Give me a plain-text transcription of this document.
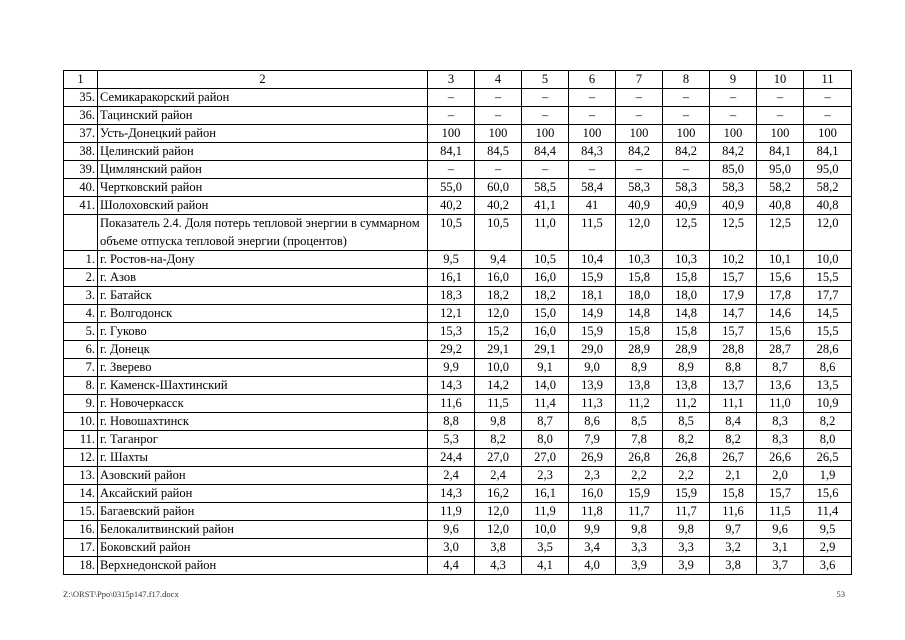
1	2	3	4	5	6	7	8	9	10	11
35.	Семикаракорский район	–	–	–	–	–	–	–	–	–
36.	Тацинский район	–	–	–	–	–	–	–	–	–
37.	Усть-Донецкий район	100	100	100	100	100	100	100	100	100
38.	Целинский район	84,1	84,5	84,4	84,3	84,2	84,2	84,2	84,1	84,1
39.	Цимлянский район	–	–	–	–	–	–	85,0	95,0	95,0
40.	Чертковский район	55,0	60,0	58,5	58,4	58,3	58,3	58,3	58,2	58,2
41.	Шолоховский район	40,2	40,2	41,1	41	40,9	40,9	40,9	40,8	40,8
	Показатель 2.4. Доля потерь тепловой энергии в суммарном объеме отпуска тепловой энергии (процентов)	10,5	10,5	11,0	11,5	12,0	12,5	12,5	12,5	12,0
1.	г. Ростов-на-Дону	9,5	9,4	10,5	10,4	10,3	10,3	10,2	10,1	10,0
2.	г. Азов	16,1	16,0	16,0	15,9	15,8	15,8	15,7	15,6	15,5
3.	г. Батайск	18,3	18,2	18,2	18,1	18,0	18,0	17,9	17,8	17,7
4.	г. Волгодонск	12,1	12,0	15,0	14,9	14,8	14,8	14,7	14,6	14,5
5.	г. Гуково	15,3	15,2	16,0	15,9	15,8	15,8	15,7	15,6	15,5
6.	г. Донецк	29,2	29,1	29,1	29,0	28,9	28,9	28,8	28,7	28,6
7.	г. Зверево	9,9	10,0	9,1	9,0	8,9	8,9	8,8	8,7	8,6
8.	г. Каменск-Шахтинский	14,3	14,2	14,0	13,9	13,8	13,8	13,7	13,6	13,5
9.	г. Новочеркасск	11,6	11,5	11,4	11,3	11,2	11,2	11,1	11,0	10,9
10.	г. Новошахтинск	8,8	9,8	8,7	8,6	8,5	8,5	8,4	8,3	8,2
11.	г. Таганрог	5,3	8,2	8,0	7,9	7,8	8,2	8,2	8,3	8,0
12.	г. Шахты	24,4	27,0	27,0	26,9	26,8	26,8	26,7	26,6	26,5
13.	Азовский район	2,4	2,4	2,3	2,3	2,2	2,2	2,1	2,0	1,9
14.	Аксайский район	14,3	16,2	16,1	16,0	15,9	15,9	15,8	15,7	15,6
15.	Багаевский район	11,9	12,0	11,9	11,8	11,7	11,7	11,6	11,5	11,4
16.	Белокалитвинский район	9,6	12,0	10,0	9,9	9,8	9,8	9,7	9,6	9,5
17.	Боковский район	3,0	3,8	3,5	3,4	3,3	3,3	3,2	3,1	2,9
18.	Верхнедонской район	4,4	4,3	4,1	4,0	3,9	3,9	3,8	3,7	3,6
Z:\ORST\Ppo\0315p147.f17.docx	53
